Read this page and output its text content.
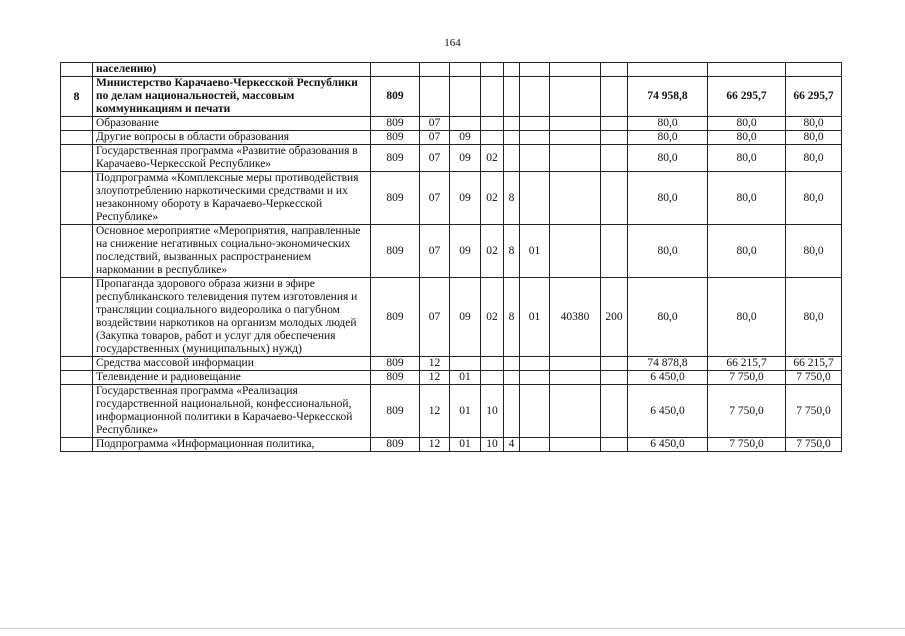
164
	населению)											
8	Министерство Карачаево-Черкесской Республики по делам национальностей, массовым коммуникациям и печати	809								74 958,8	66 295,7	66 295,7
	Образование	809	07							80,0	80,0	80,0
	Другие вопросы в области образования	809	07	09						80,0	80,0	80,0
	Государственная программа «Развитие образования в Карачаево-Черкесской Республике»	809	07	09	02					80,0	80,0	80,0
	Подпрограмма «Комплексные меры противодействия злоупотреблению наркотическими средствами и их незаконному обороту в Карачаево-Черкесской Республике»	809	07	09	02	8				80,0	80,0	80,0
	Основное мероприятие «Мероприятия, направленные на снижение негативных социально-экономических последствий, вызванных распространением наркомании в республике»	809	07	09	02	8	01			80,0	80,0	80,0
	Пропаганда здорового образа жизни в эфире республиканского телевидения путем изготовления и трансляции социального видеоролика о пагубном воздействии наркотиков на организм молодых людей (Закупка товаров, работ и услуг для обеспечения государственных (муниципальных) нужд)	809	07	09	02	8	01	40380	200	80,0	80,0	80,0
	Средства массовой информации	809	12							74 878,8	66 215,7	66 215,7
	Телевидение и радиовещание	809	12	01						6 450,0	7 750,0	7 750,0
	Государственная программа «Реализация государственной национальной, конфессиональной, информационной политики в Карачаево-Черкесской Республике»	809	12	01	10					6 450,0	7 750,0	7 750,0
	Подпрограмма «Информационная политика,	809	12	01	10	4				6 450,0	7 750,0	7 750,0
